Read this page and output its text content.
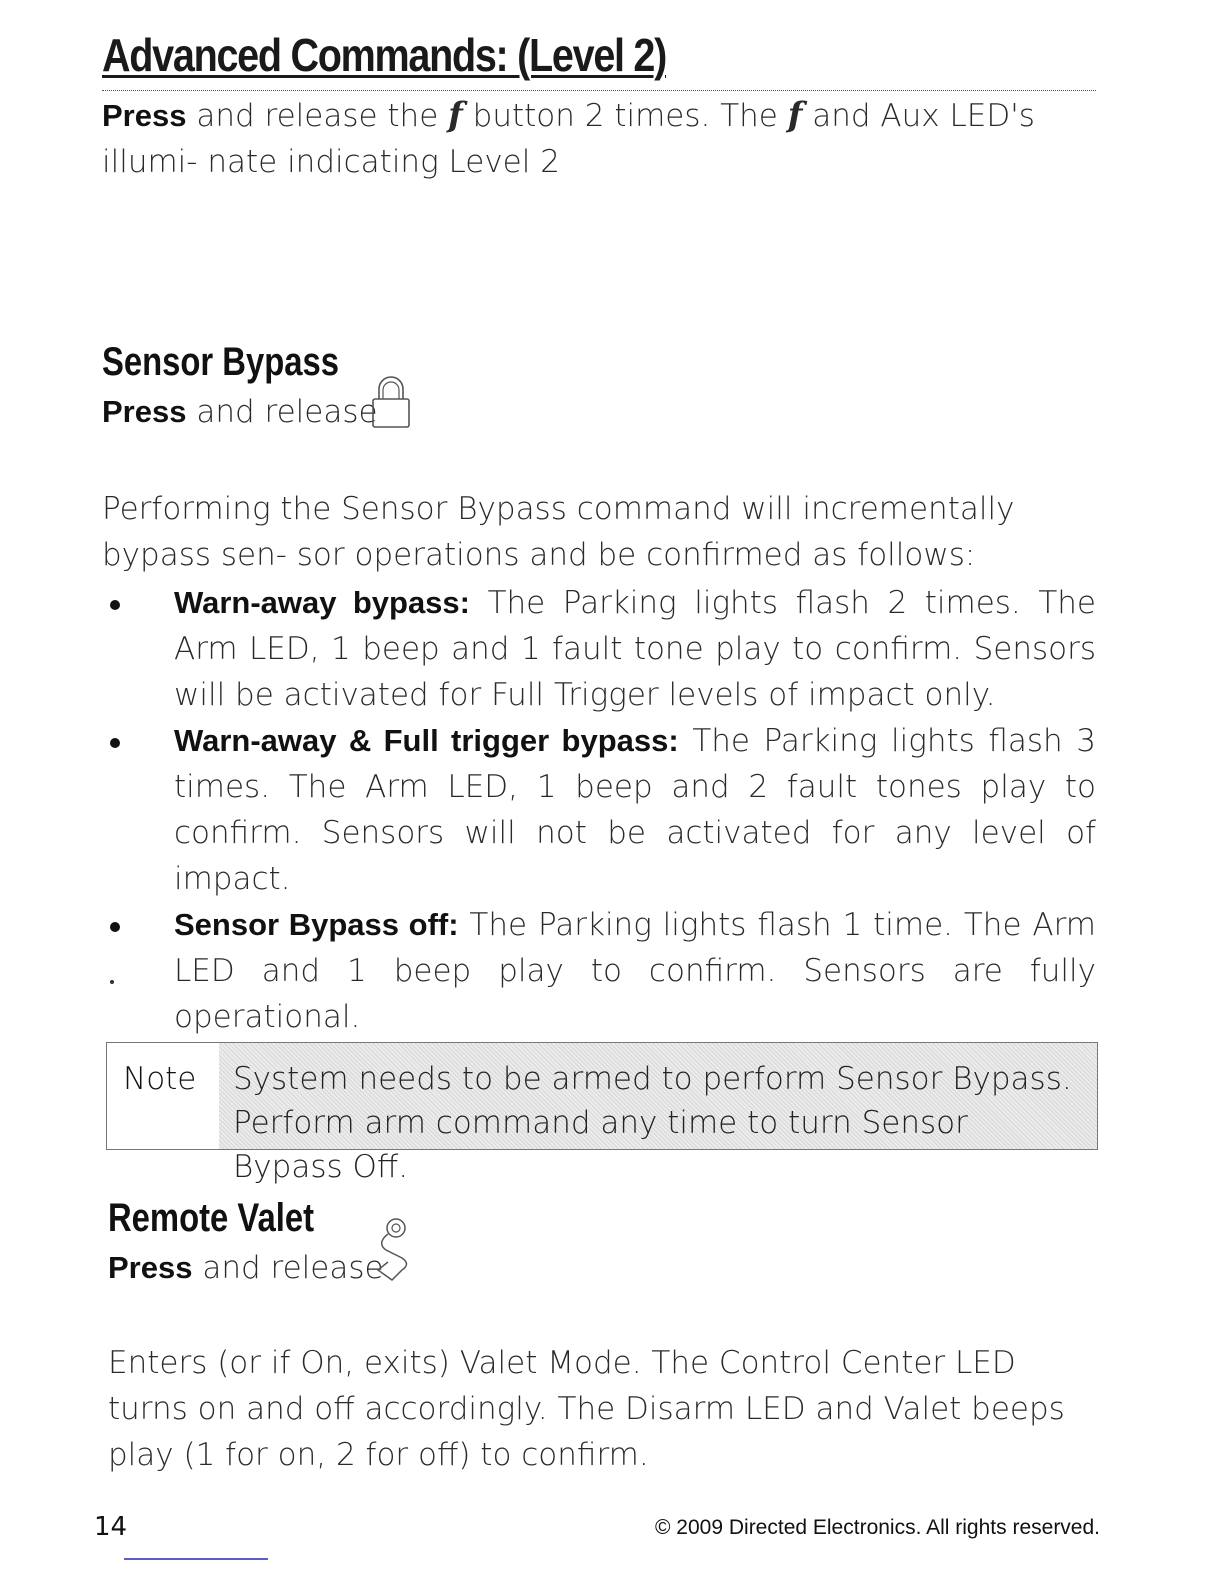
Advanced Commands: (Level 2)
Press and release the f button 2 times. The f and Aux LED's illumi- nate indicating Level 2
Sensor Bypass
Press and release
Performing the Sensor Bypass command will incrementally bypass sen- sor operations and be confirmed as follows:
Warn-away bypass: The Parking lights flash 2 times. The Arm LED, 1 beep and 1 fault tone play to confirm. Sensors will be activated for Full Trigger levels of impact only.
Warn-away & Full trigger bypass: The Parking lights flash 3 times. The Arm LED, 1 beep and 2 fault tones play to confirm. Sensors will not be activated for any level of impact.
Sensor Bypass off: The Parking lights flash 1 time. The Arm LED and 1 beep play to confirm. Sensors are fully operational.
Note System needs to be armed to perform Sensor Bypass.
Perform arm command any time to turn Sensor Bypass Off.
Remote Valet
Press and release
Enters (or if On, exits) Valet Mode. The Control Center LED turns on and off accordingly. The Disarm LED and Valet beeps play (1 for on, 2 for off) to confirm.
14	© 2009 Directed Electronics. All rights reserved.
